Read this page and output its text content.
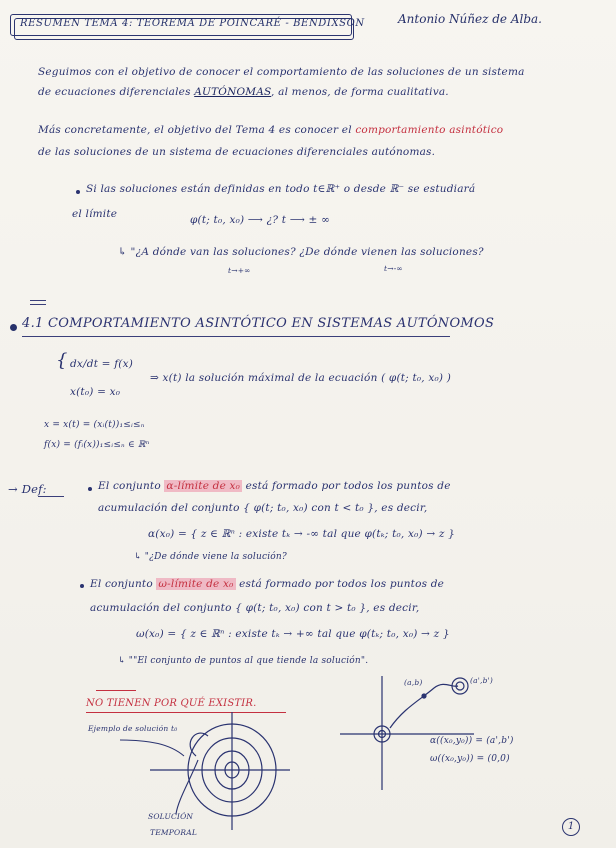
RESUMEN TEMA 4: TEOREMA DE POINCARÉ - BENDIXSON	Antonio Núñez de Alba.
Seguimos con el objetivo de conocer el comportamiento de las soluciones de un sistema
de ecuaciones diferenciales AUTÓNOMAS, al menos, de forma cualitativa.
Más concretamente, el objetivo del Tema 4 es conocer el comportamiento asintótico
de las soluciones de un sistema de ecuaciones diferenciales autónomas.
Si las soluciones están definidas en todo t∈ℝ⁺ o desde ℝ⁻ se estudiará
el límite	φ(t; t₀, x₀) ⟶ ¿? t ⟶ ± ∞
↳ "¿A dónde van las soluciones? ¿De dónde vienen las soluciones?
t→+∞	t→-∞
4.1 COMPORTAMIENTO ASINTÓTICO EN SISTEMAS AUTÓNOMOS
{ dx/dt = f(x)
x(t₀) = x₀
⇒ x(t) la solución máximal de la ecuación ( φ(t; t₀, x₀) )
x = x(t) = (xᵢ(t))₁≤ᵢ≤ₙ
f(x) = (fᵢ(x))₁≤ᵢ≤ₙ ∈ ℝⁿ
→ Def:	El conjunto α-límite de x₀ está formado por todos los puntos de
acumulación del conjunto { φ(t; t₀, x₀) con t < t₀ }, es decir,
α(x₀) = { z ∈ ℝⁿ : existe tₖ → -∞ tal que φ(tₖ; t₀, x₀) → z }
↳ "¿De dónde viene la solución?
El conjunto ω-límite de x₀ está formado por todos los puntos de
acumulación del conjunto { φ(t; t₀, x₀) con t > t₀ }, es decir,
ω(x₀) = { z ∈ ℝⁿ : existe tₖ → +∞ tal que φ(tₖ; t₀, x₀) → z }
↳ ""El conjunto de puntos al que tiende la solución".
NO TIENEN POR QUÉ EXISTIR.
Ejemplo de solución t₀
SOLUCIÓN
TEMPORAL
(a,b)	(a',b')
α((x₀,y₀)) = (a',b')
ω((x₀,y₀)) = (0,0)
1
